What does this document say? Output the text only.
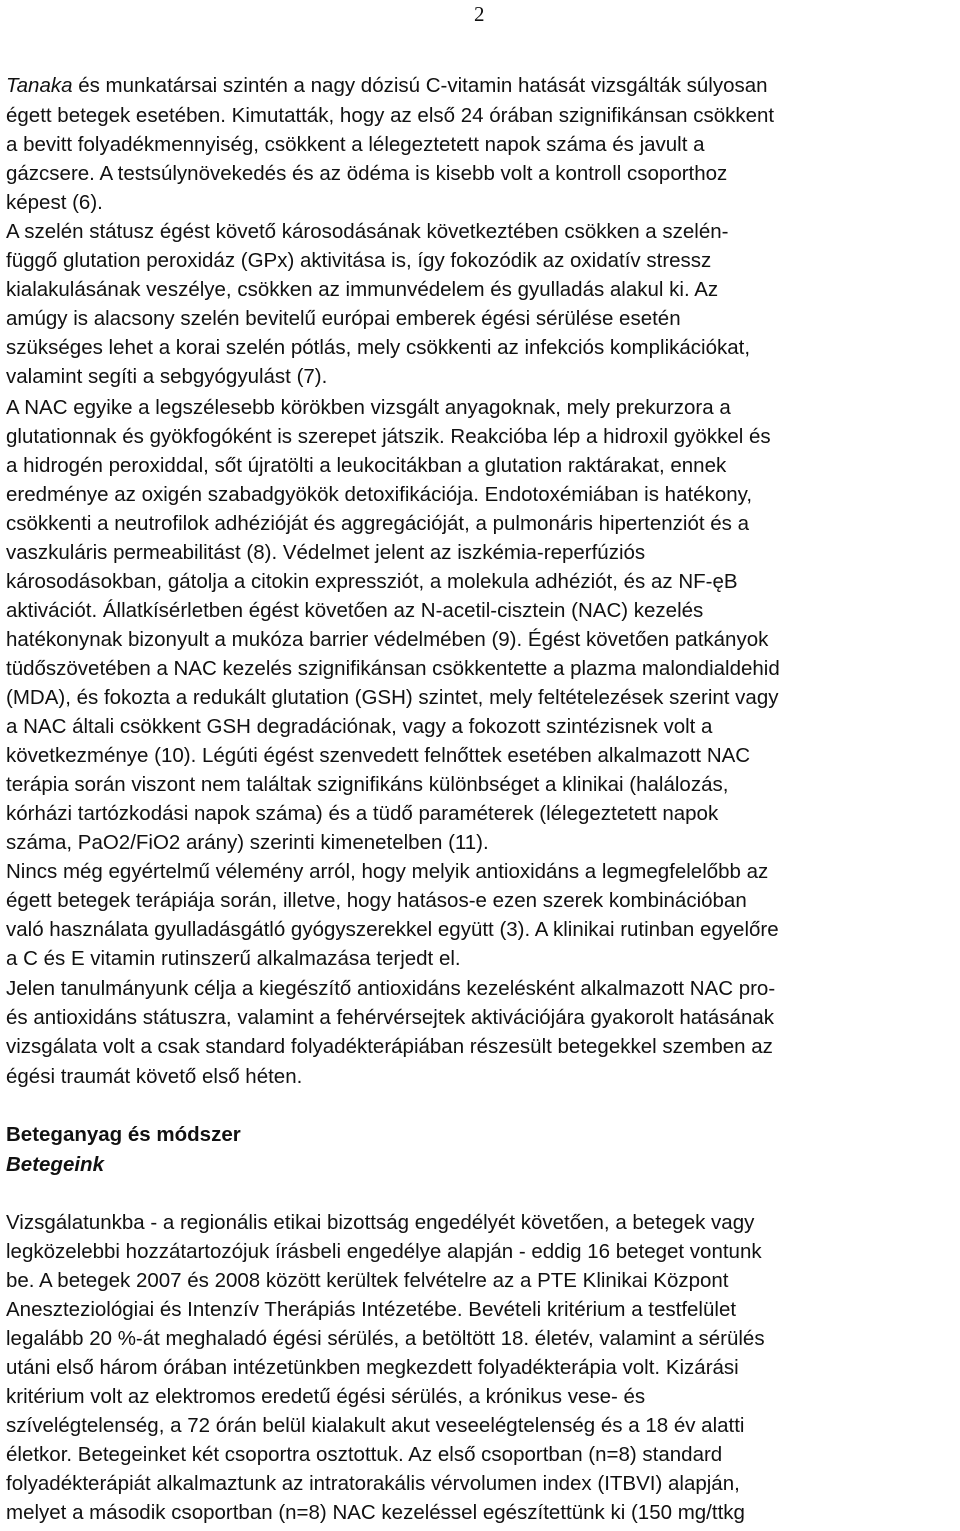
2
Tanaka és munkatársai szintén a nagy dózisú C-vitamin hatását vizsgálták súlyosan
égett betegek esetében. Kimutatták, hogy az első 24 órában szignifikánsan csökkent
a bevitt folyadékmennyiség, csökkent a lélegeztetett napok száma és javult a
gázcsere. A testsúlynövekedés és az ödéma is kisebb volt a kontroll csoporthoz
képest (6).
A szelén státusz égést követő károsodásának következtében csökken a szelén-
függő glutation peroxidáz (GPx) aktivitása is, így fokozódik az oxidatív stressz
kialakulásának veszélye, csökken az immunvédelem és gyulladás alakul ki. Az
amúgy is alacsony szelén bevitelű európai emberek égési sérülése esetén
szükséges lehet a korai szelén pótlás, mely csökkenti az infekciós komplikációkat,
valamint segíti a sebgyógyulást (7).
A NAC egyike a legszélesebb körökben vizsgált anyagoknak, mely prekurzora a
glutationnak és gyökfogóként is szerepet játszik. Reakcióba lép a hidroxil gyökkel és
a hidrogén peroxiddal, sőt újratölti a leukocitákban a glutation raktárakat, ennek
eredménye az oxigén szabadgyökök detoxifikációja. Endotoxémiában is hatékony,
csökkenti a neutrofilok adhézióját és aggregációját, a pulmonáris hipertenziót és a
vaszkuláris permeabilitást (8). Védelmet jelent az iszkémia-reperfúziós
károsodásokban, gátolja a citokin expressziót, a molekula adhéziót, és az NF-ęB
aktivációt. Állatkísérletben égést követően az N-acetil-cisztein (NAC) kezelés
hatékonynak bizonyult a mukóza barrier védelmében (9). Égést követően patkányok
tüdőszövetében a NAC kezelés szignifikánsan csökkentette a plazma malondialdehid
(MDA), és fokozta a redukált glutation (GSH) szintet, mely feltételezések szerint vagy
a NAC általi csökkent GSH degradációnak, vagy a fokozott szintézisnek volt a
következménye (10). Légúti égést szenvedett felnőttek esetében alkalmazott NAC
terápia során viszont nem találtak szignifikáns különbséget a klinikai (halálozás,
kórházi tartózkodási napok száma) és a tüdő paraméterek (lélegeztetett napok
száma, PaO2/FiO2 arány) szerinti kimenetelben (11).
Nincs még egyértelmű vélemény arról, hogy melyik antioxidáns a legmegfelelőbb az
égett betegek terápiája során, illetve, hogy hatásos-e ezen szerek kombinációban
való használata gyulladásgátló gyógyszerekkel együtt (3). A klinikai rutinban egyelőre
a C és E vitamin rutinszerű alkalmazása terjedt el.
Jelen tanulmányunk célja a kiegészítő antioxidáns kezelésként alkalmazott NAC pro-
és antioxidáns státuszra, valamint a fehérvérsejtek aktivációjára gyakorolt hatásának
vizsgálata volt a csak standard folyadékterápiában részesült betegekkel szemben az
égési traumát követő első héten.
Beteganyag és módszer
Betegeink
Vizsgálatunkba - a regionális etikai bizottság engedélyét követően, a betegek vagy
legközelebbi hozzátartozójuk írásbeli engedélye alapján - eddig 16 beteget vontunk
be. A betegek 2007 és 2008 között kerültek felvételre az a PTE Klinikai Központ
Aneszteziológiai és Intenzív Therápiás Intézetébe. Bevételi kritérium a testfelület
legalább 20 %-át meghaladó égési sérülés, a betöltött 18. életév, valamint a sérülés
utáni első három órában intézetünkben megkezdett folyadékterápia volt. Kizárási
kritérium volt az elektromos eredetű égési sérülés, a krónikus vese- és
szívelégtelenség, a 72 órán belül kialakult akut veseelégtelenség és a 18 év alatti
életkor. Betegeinket két csoportra osztottuk. Az első csoportban (n=8) standard
folyadékterápiát alkalmaztunk az intratorakális vérvolumen index (ITBVI) alapján,
melyet a második csoportban (n=8) NAC kezeléssel egészítettünk ki (150 mg/ttkg
